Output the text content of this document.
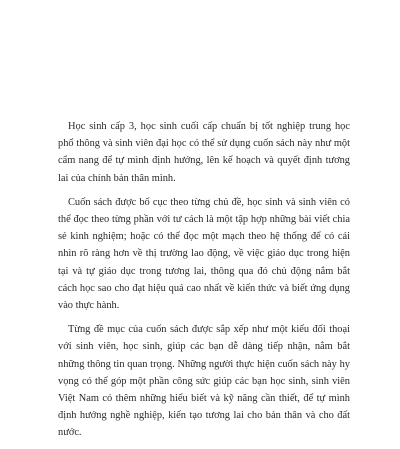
Học sinh cấp 3, học sinh cuối cấp chuẩn bị tốt nghiệp trung học phổ thông và sinh viên đại học có thể sử dụng cuốn sách này như một cẩm nang để tự mình định hướng, lên kế hoạch và quyết định tương lai của chính bản thân mình.

Cuốn sách được bố cục theo từng chủ đề, học sinh và sinh viên có thể đọc theo từng phần với tư cách là một tập hợp những bài viết chia sẻ kinh nghiệm; hoặc có thể đọc một mạch theo hệ thống để có cái nhìn rõ ràng hơn về thị trường lao động, về việc giáo dục trong hiện tại và tự giáo dục trong tương lai, thông qua đó chủ động nắm bắt cách học sao cho đạt hiệu quả cao nhất về kiến thức và biết ứng dụng vào thực hành.

Từng đề mục của cuốn sách được sắp xếp như một kiểu đối thoại với sinh viên, học sinh, giúp các bạn dễ dàng tiếp nhận, nắm bắt những thông tin quan trọng. Những người thực hiện cuốn sách này hy vọng có thể góp một phần công sức giúp các bạn học sinh, sinh viên Việt Nam có thêm những hiểu biết và kỹ năng cần thiết, để tự mình định hướng nghề nghiệp, kiến tạo tương lai cho bản thân và cho đất nước.
